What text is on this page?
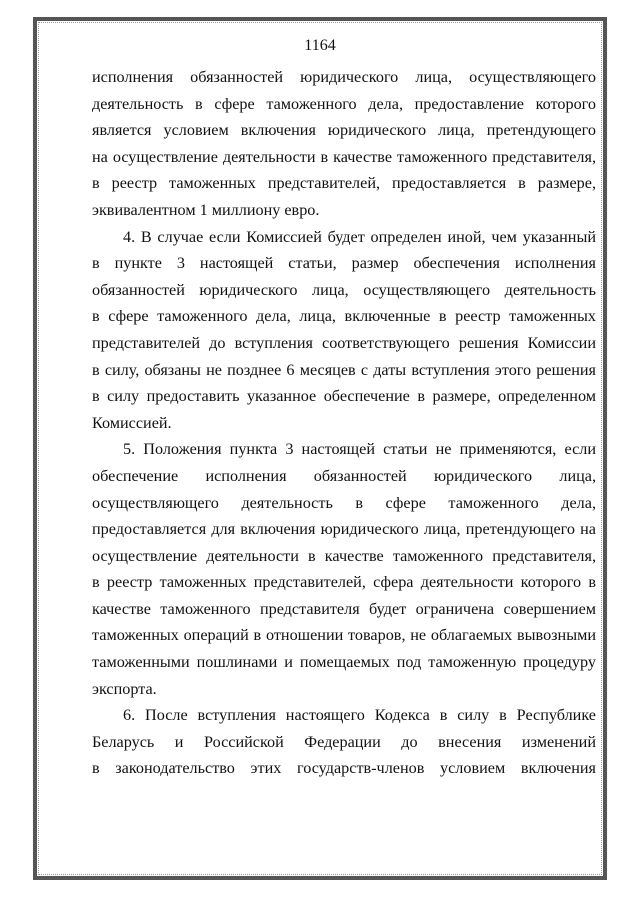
1164
исполнения обязанностей юридического лица, осуществляющего
деятельность в сфере таможенного дела, предоставление которого
является условием включения юридического лица, претендующего
на осуществление деятельности в качестве таможенного представителя,
в реестр таможенных представителей, предоставляется в размере,
эквивалентном 1 миллиону евро.
4. В случае если Комиссией будет определен иной, чем указанный
в пункте 3 настоящей статьи, размер обеспечения исполнения
обязанностей юридического лица, осуществляющего деятельность
в сфере таможенного дела, лица, включенные в реестр таможенных
представителей до вступления соответствующего решения Комиссии
в силу, обязаны не позднее 6 месяцев с даты вступления этого решения
в силу предоставить указанное обеспечение в размере, определенном
Комиссией.
5. Положения пункта 3 настоящей статьи не применяются, если
обеспечение исполнения обязанностей юридического лица,
осуществляющего деятельность в сфере таможенного дела,
предоставляется для включения юридического лица, претендующего на
осуществление деятельности в качестве таможенного представителя,
в реестр таможенных представителей, сфера деятельности которого в
качестве таможенного представителя будет ограничена совершением
таможенных операций в отношении товаров, не облагаемых вывозными
таможенными пошлинами и помещаемых под таможенную процедуру
экспорта.
6. После вступления настоящего Кодекса в силу в Республике
Беларусь и Российской Федерации до внесения изменений
в законодательство этих государств-членов условием включения
